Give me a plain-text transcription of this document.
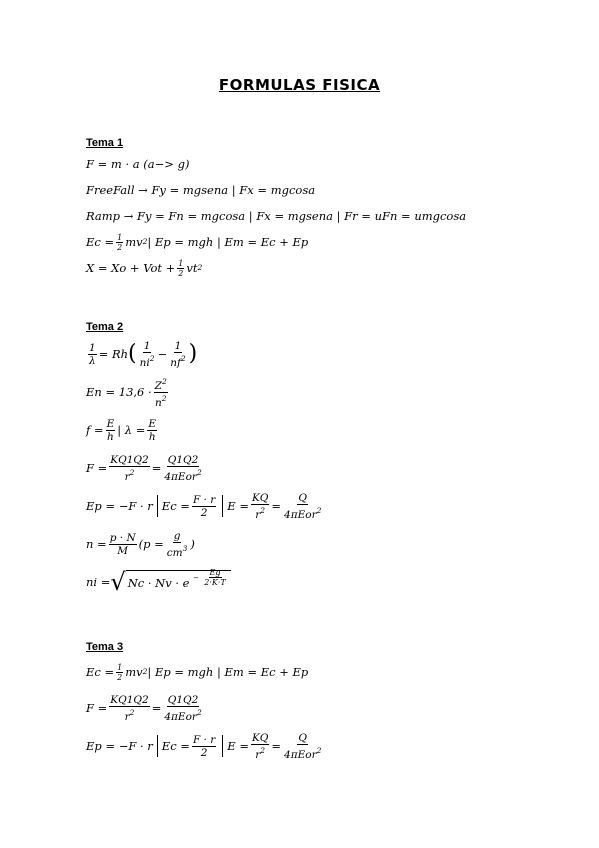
FORMULAS FISICA
Tema 1
F = m · a (a−> g)
FreeFall → Fy = mgsena | Fx = mgcosa
Ramp → Fy = Fn = mgcosa | Fx = mgsena | Fr = uFn = umgcosa
$Ec = \frac{1}{2}$ mv 2 | Ep = mgh | Em = Ec + Ep
X = Xo + Vot + $\frac{1}{2}$ vt 2
Tema 2
$\frac{1}{\lambda} = Rh$ ( $\frac{1}{ni^2} - \frac{1}{nf^2}$ )
$En = 13,6 \cdot \frac{Z^2}{n^2}$
$f = \frac{E}{h}$ | $\lambda = \frac{E}{h}$
$F = \frac{KQ1Q2}{r^2} = \frac{Q1Q2}{4\pi Eor^2}$
Ep = −F · r $Ec = \frac{F \cdot r}{2}$ $E = \frac{KQ}{r^2} = \frac{Q}{4\pi Eor^2}$
$n = \frac{p \cdot N}{M} (p = \frac{g}{cm^3}$ )
ni = √ Nc · Nv · e $^{- \frac{Eg}{2\cdot K\cdot T}}$
Tema 3
$Ec = \frac{1}{2}$ mv 2 | Ep = mgh | Em = Ec + Ep
$F = \frac{KQ1Q2}{r^2} = \frac{Q1Q2}{4\pi Eor^2}$
Ep = −F · r $Ec = \frac{F \cdot r}{2}$ $E = \frac{KQ}{r^2} = \frac{Q}{4\pi Eor^2}$
